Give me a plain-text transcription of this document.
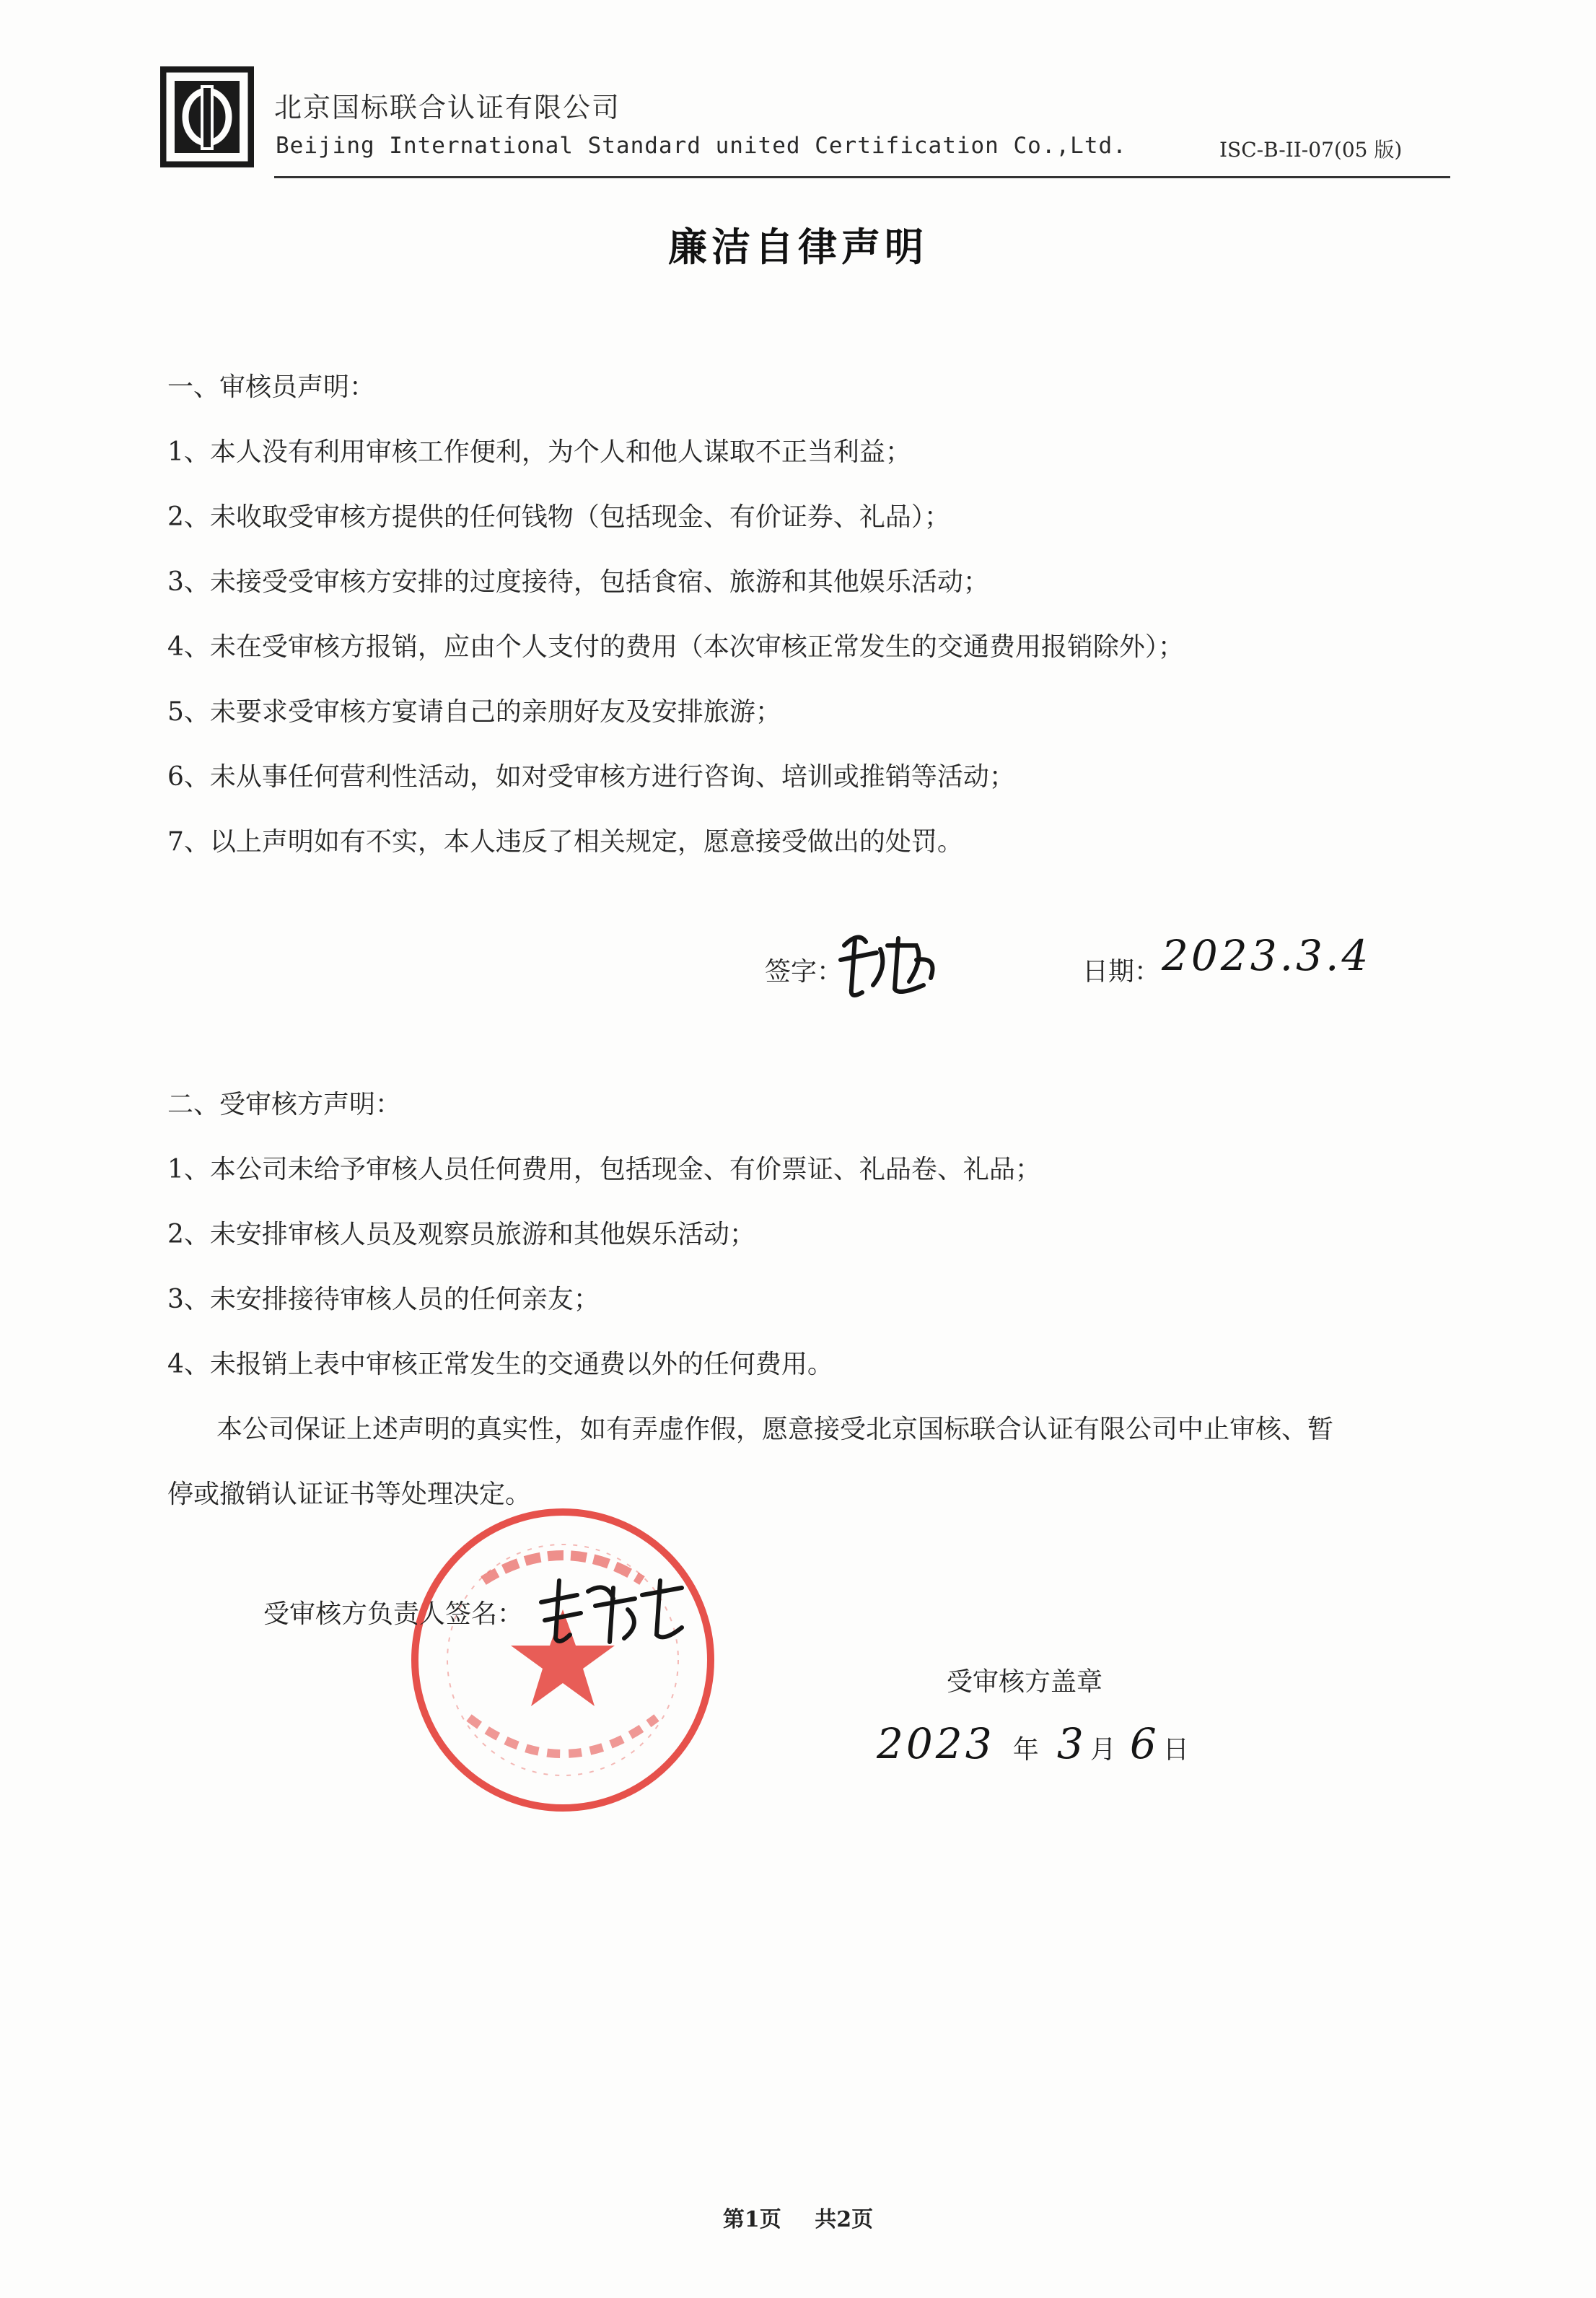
北京国标联合认证有限公司
Beijing International Standard united Certification Co.,Ltd.	ISC-B-II-07(05 版)
廉洁自律声明
一、审核员声明：
1、本人没有利用审核工作便利，为个人和他人谋取不正当利益；
2、未收取受审核方提供的任何钱物（包括现金、有价证券、礼品）；
3、未接受受审核方安排的过度接待，包括食宿、旅游和其他娱乐活动；
4、未在受审核方报销，应由个人支付的费用（本次审核正常发生的交通费用报销除外）；
5、未要求受审核方宴请自己的亲朋好友及安排旅游；
6、未从事任何营利性活动，如对受审核方进行咨询、培训或推销等活动；
7、以上声明如有不实，本人违反了相关规定，愿意接受做出的处罚。
签字：	日期： 2023.3.4
二、受审核方声明：
1、本公司未给予审核人员任何费用，包括现金、有价票证、礼品卷、礼品；
2、未安排审核人员及观察员旅游和其他娱乐活动；
3、未安排接待审核人员的任何亲友；
4、未报销上表中审核正常发生的交通费以外的任何费用。
本公司保证上述声明的真实性，如有弄虚作假，愿意接受北京国标联合认证有限公司中止审核、暂
停或撤销认证证书等处理决定。
受审核方负责人签名：
受审核方盖章
2023 年 3 月 6 日
第1页 共2页
